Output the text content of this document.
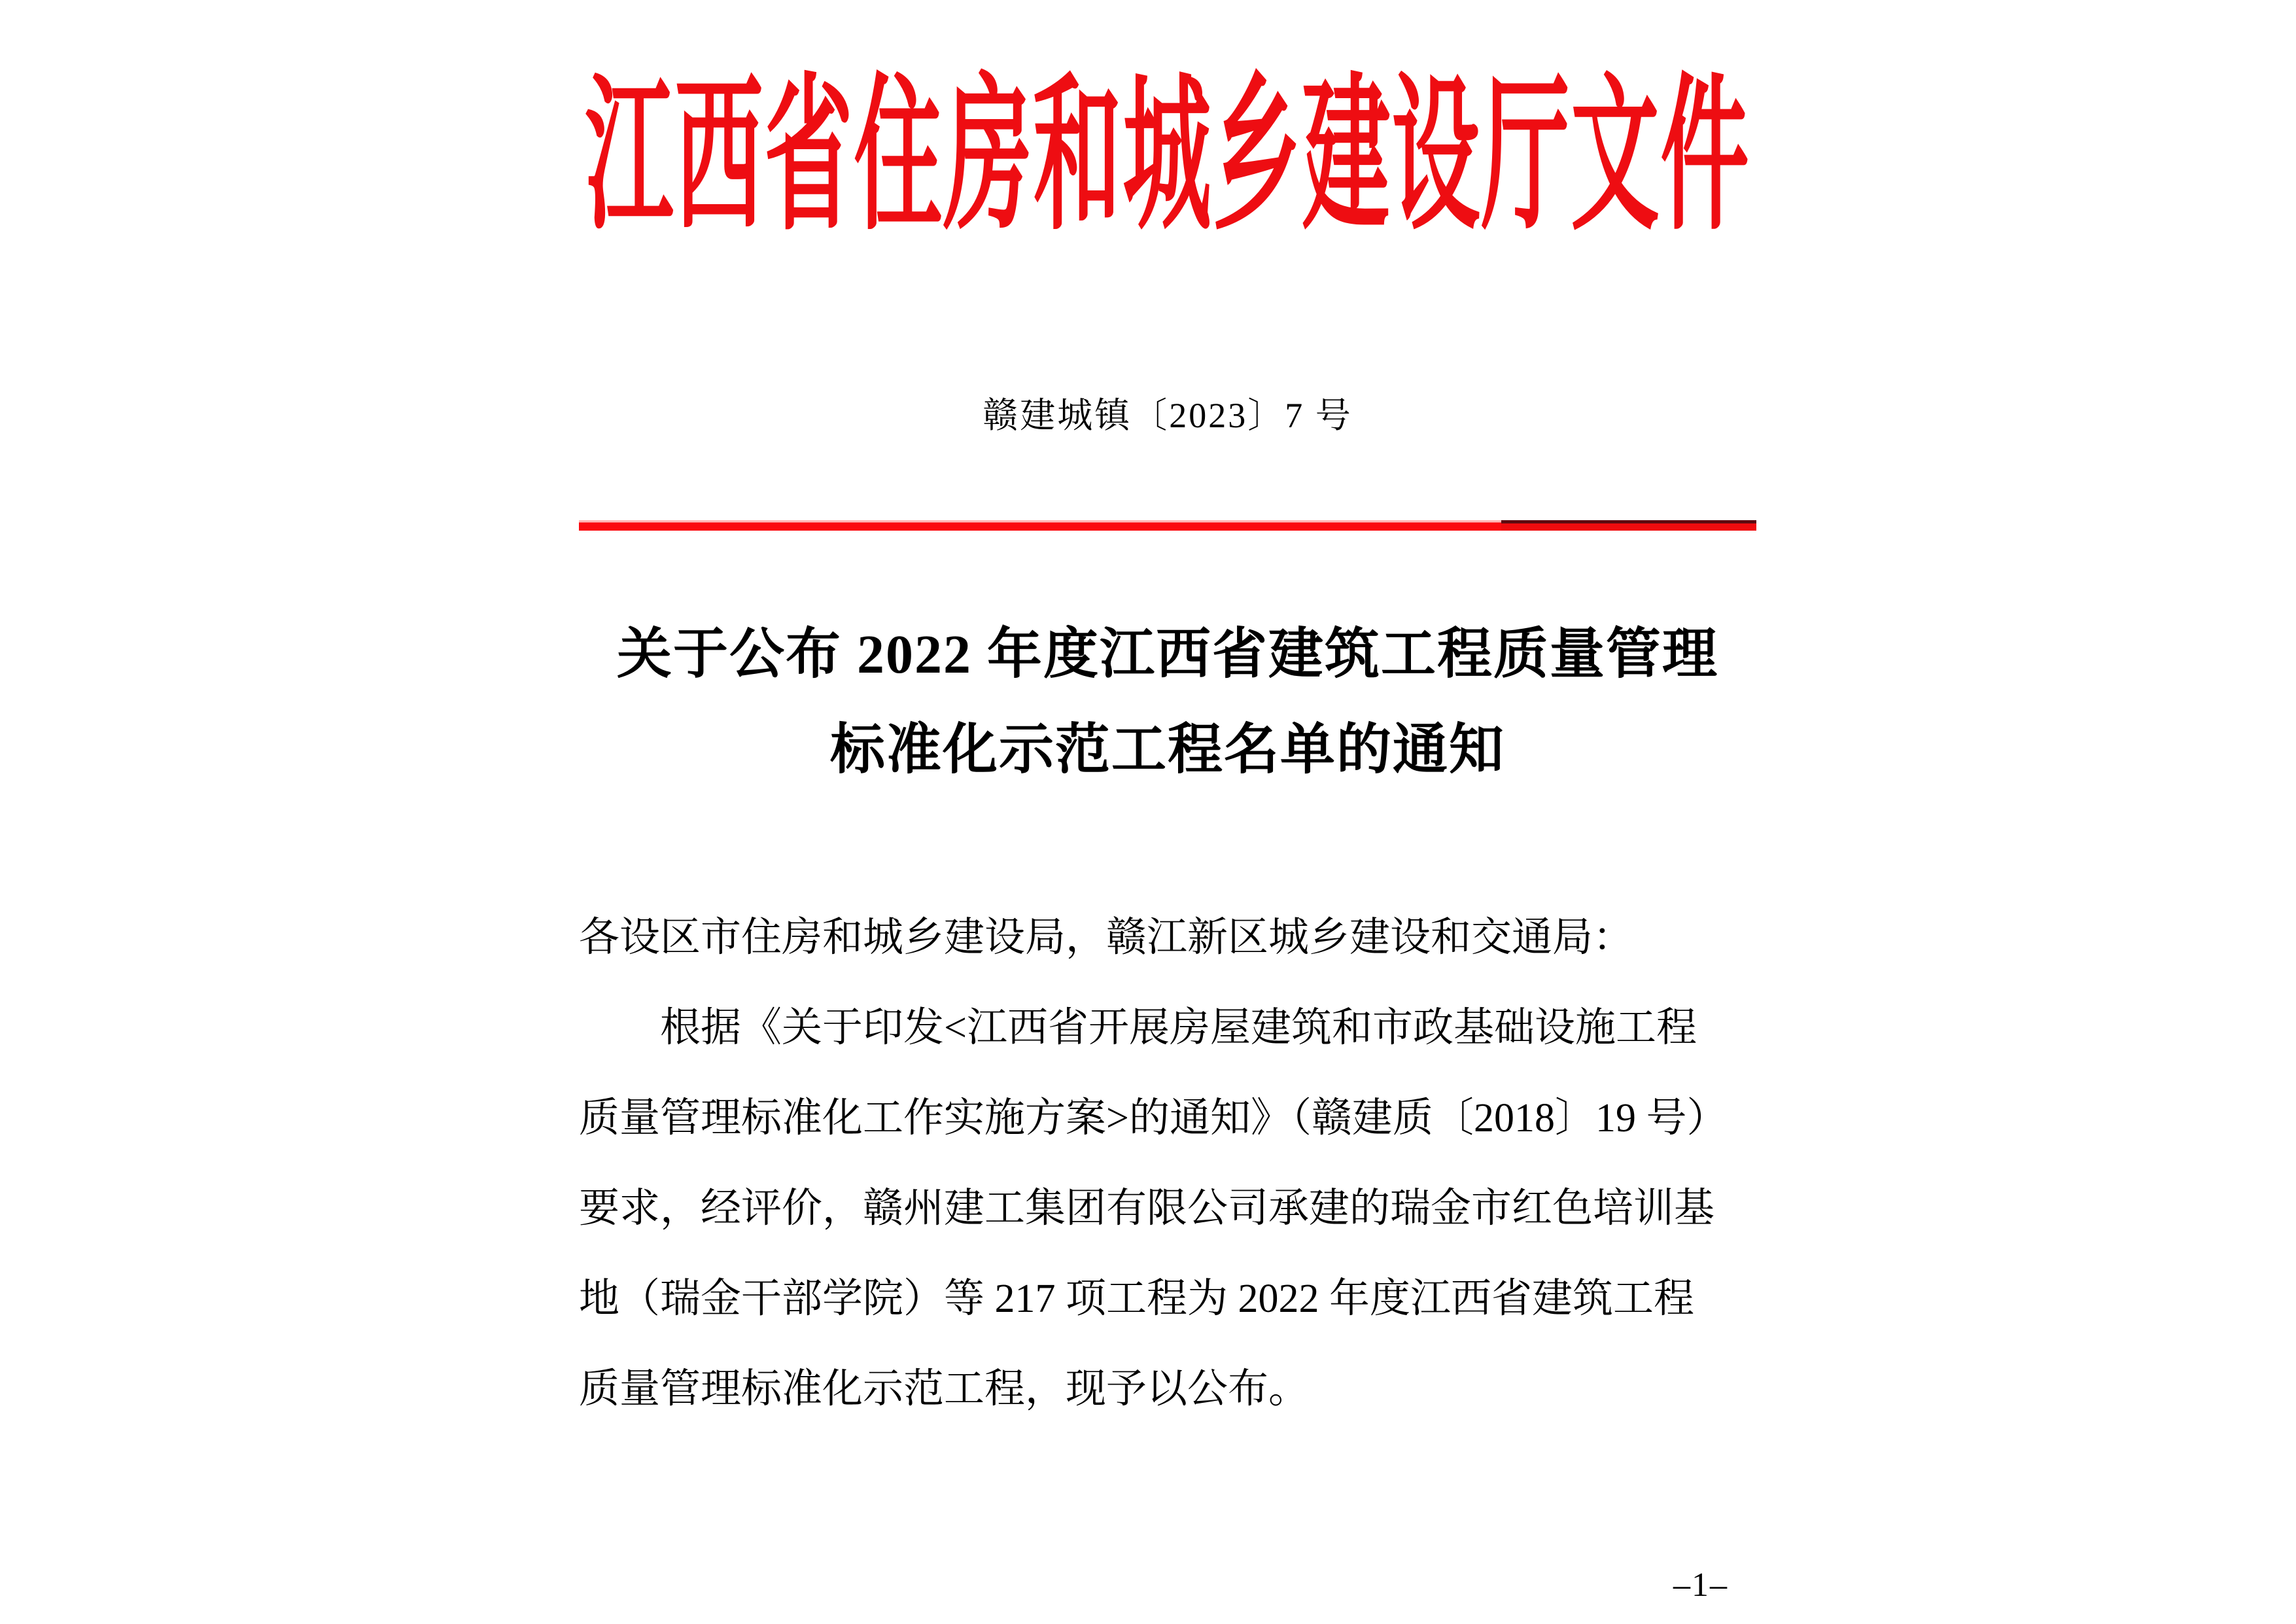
江西省住房和城乡建设厅文件
赣建城镇〔2023〕7 号
关于公布 2022 年度江西省建筑工程质量管理
标准化示范工程名单的通知
各设区市住房和城乡建设局，赣江新区城乡建设和交通局：
根据《关于印发<江西省开展房屋建筑和市政基础设施工程
质量管理标准化工作实施方案>的通知》（赣建质〔2018〕19 号）
要求，经评价，赣州建工集团有限公司承建的瑞金市红色培训基
地（瑞金干部学院）等 217 项工程为 2022 年度江西省建筑工程
质量管理标准化示范工程，现予以公布。
–1–
